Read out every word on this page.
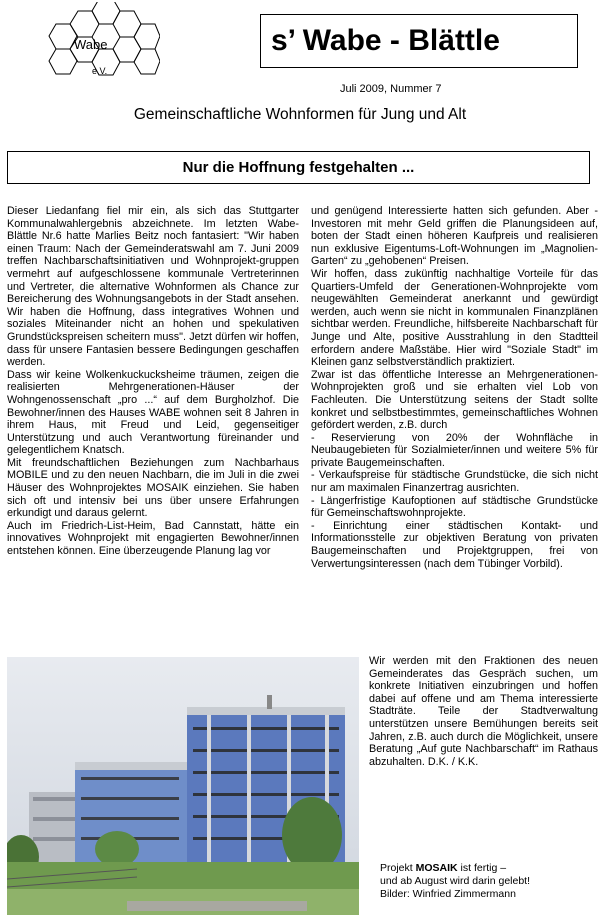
Wabe
e.V.
s’ Wabe - Blättle
Juli 2009, Nummer 7
Gemeinschaftliche Wohnformen für Jung und Alt
Nur die Hoffnung festgehalten ...

Dieser Liedanfang fiel mir ein, als sich das Stuttgarter Kommunalwahlergebnis abzeichnete. Im letzten Wabe-Blättle Nr.6 hatte Marlies Beitz noch fantasiert: "Wir haben einen Traum: Nach der Gemeinderatswahl am 7. Juni 2009 treffen Nachbarschaftsinitiativen und Wohnprojekt-gruppen vermehrt auf aufgeschlossene kommunale Vertreterinnen und Vertreter, die alternative Wohnformen als Chance zur Bereicherung des Wohnungsangebots in der Stadt ansehen. Wir haben die Hoffnung, dass integratives Wohnen und soziales Miteinander nicht an hohen und spekulativen Grundstückspreisen scheitern muss". Jetzt dürfen wir hoffen, dass für unsere Fantasien bessere Bedingungen geschaffen werden.

Dass wir keine Wolkenkuckucksheime träumen, zeigen die realisierten Mehrgenerationen-Häuser der Wohngenossenschaft „pro ...“ auf dem Burgholzhof. Die Bewohner/innen des Hauses WABE wohnen seit 8 Jahren in ihrem Haus, mit Freud und Leid, gegenseitiger Unterstützung und auch Verantwortung füreinander und gelegentlichem Knatsch.

Mit freundschaftlichen Beziehungen zum Nachbarhaus MOBILE und zu den neuen Nachbarn, die im Juli in die zwei Häuser des Wohnprojektes MOSAIK einziehen. Sie haben sich oft und intensiv bei uns über unsere Erfahrungen erkundigt und daraus gelernt.

Auch im Friedrich-List-Heim, Bad Cannstatt, hätte ein innovatives Wohnprojekt mit engagierten Bewohner/innen entstehen können. Eine überzeugende Planung lag vor

und genügend Interessierte hatten sich gefunden. Aber - Investoren mit mehr Geld griffen die Planungsideen auf, boten der Stadt einen höheren Kaufpreis und realisieren nun exklusive Eigentums-Loft-Wohnungen im „Magnolien-Garten“ zu „gehobenen“ Preisen.

Wir hoffen, dass zukünftig nachhaltige Vorteile für das Quartiers-Umfeld der Generationen-Wohnprojekte vom neugewählten Gemeinderat anerkannt und gewürdigt werden, auch wenn sie nicht in kommunalen Finanzplänen sichtbar werden. Freundliche, hilfsbereite Nachbarschaft für Junge und Alte, positive Ausstrahlung in den Stadtteil erfordern andere Maßstäbe. Hier wird "Soziale Stadt" im Kleinen ganz selbstverständlich praktiziert.

Zwar ist das öffentliche Interesse an Mehrgenerationen-Wohnprojekten groß und sie erhalten viel Lob von Fachleuten. Die Unterstützung seitens der Stadt sollte konkret und selbstbestimmtes, gemeinschaftliches Wohnen gefördert werden, z.B. durch

- Reservierung von 20% der Wohnfläche in Neubaugebieten für Sozialmieter/innen und weitere 5% für private Baugemeinschaften.

- Verkaufspreise für städtische Grundstücke, die sich nicht nur am maximalen Finanzertrag ausrichten.

- Längerfristige Kaufoptionen auf städtische Grundstücke für Gemeinschaftswohnprojekte.

- Einrichtung einer städtischen Kontakt- und Informationsstelle zur objektiven Beratung von privaten Baugemeinschaften und Projektgruppen, frei von Verwertungsinteressen (nach dem Tübinger Vorbild).

Wir werden mit den Fraktionen des neuen Gemeinderates das Gespräch suchen, um konkrete Initiativen einzubringen und hoffen dabei auf offene und am Thema interessierte Stadträte. Teile der Stadtverwaltung unterstützen unsere Bemühungen bereits seit Jahren, z.B. auch durch die Möglichkeit, unsere Beratung „Auf gute Nachbarschaft“ im Rathaus abzuhalten. D.K. / K.K.

Projekt MOSAIK ist fertig –
und ab August wird darin gelebt!
Bilder: Winfried Zimmermann
